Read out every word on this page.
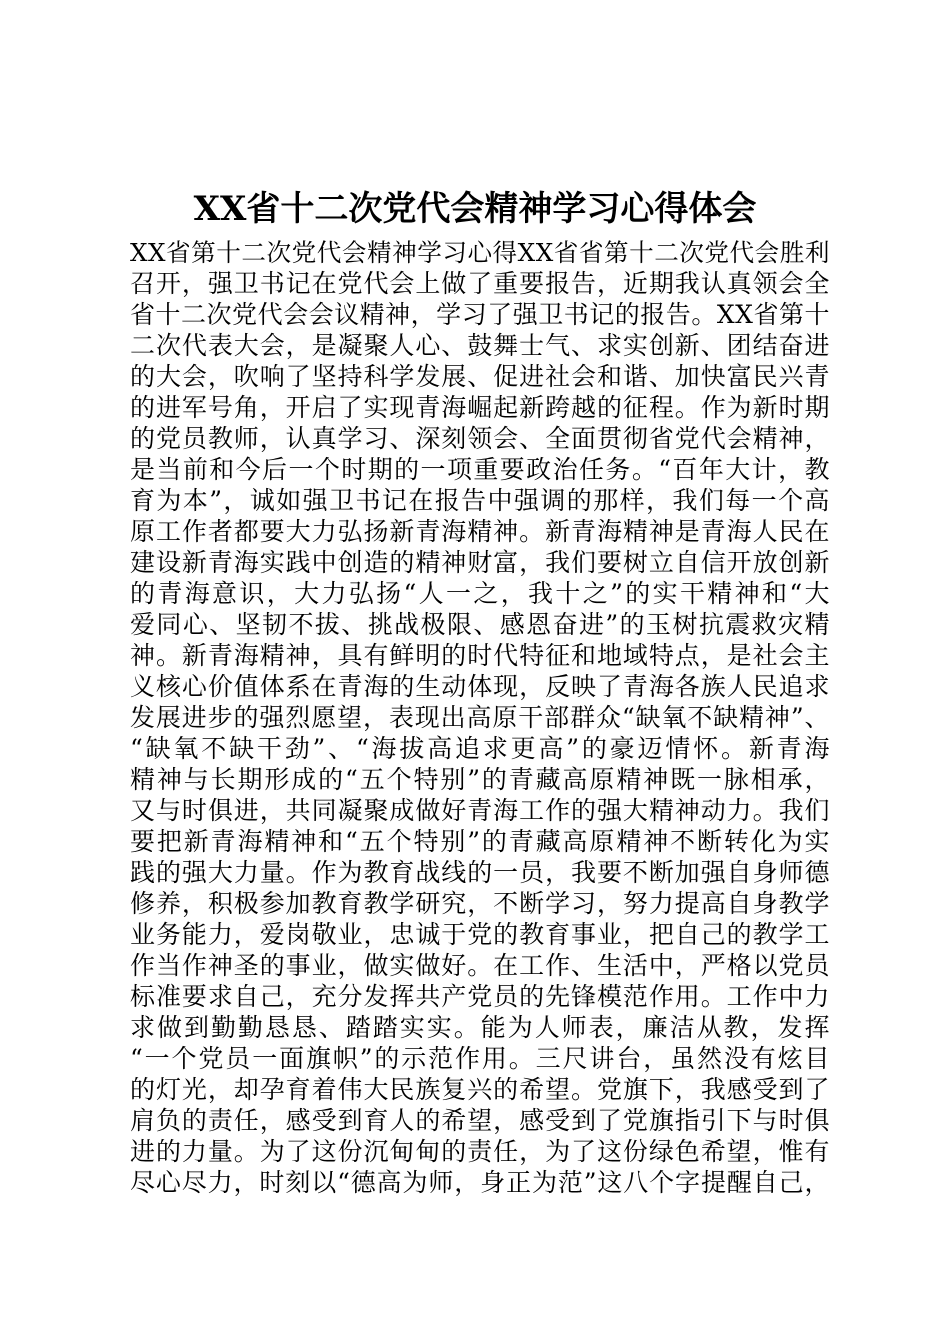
XX省十二次党代会精神学习心得体会
XX省第十二次党代会精神学习心得XX省省第十二次党代会胜利
召开，强卫书记在党代会上做了重要报告，近期我认真领会全
省十二次党代会会议精神，学习了强卫书记的报告。XX省第十
二次代表大会，是凝聚人心、鼓舞士气、求实创新、团结奋进
的大会，吹响了坚持科学发展、促进社会和谐、加快富民兴青
的进军号角，开启了实现青海崛起新跨越的征程。作为新时期
的党员教师，认真学习、深刻领会、全面贯彻省党代会精神，
是当前和今后一个时期的一项重要政治任务。“百年大计，教
育为本”，诚如强卫书记在报告中强调的那样，我们每一个高
原工作者都要大力弘扬新青海精神。新青海精神是青海人民在
建设新青海实践中创造的精神财富，我们要树立自信开放创新
的青海意识，大力弘扬“人一之，我十之”的实干精神和“大
爱同心、坚韧不拔、挑战极限、感恩奋进”的玉树抗震救灾精
神。新青海精神，具有鲜明的时代特征和地域特点，是社会主
义核心价值体系在青海的生动体现，反映了青海各族人民追求
发展进步的强烈愿望，表现出高原干部群众“缺氧不缺精神”、
“缺氧不缺干劲”、“海拔高追求更高”的豪迈情怀。新青海
精神与长期形成的“五个特别”的青藏高原精神既一脉相承，
又与时俱进，共同凝聚成做好青海工作的强大精神动力。我们
要把新青海精神和“五个特别”的青藏高原精神不断转化为实
践的强大力量。作为教育战线的一员，我要不断加强自身师德
修养，积极参加教育教学研究，不断学习，努力提高自身教学
业务能力，爱岗敬业，忠诚于党的教育事业，把自己的教学工
作当作神圣的事业，做实做好。在工作、生活中，严格以党员
标准要求自己，充分发挥共产党员的先锋模范作用。工作中力
求做到勤勤恳恳、踏踏实实。能为人师表，廉洁从教，发挥
“一个党员一面旗帜”的示范作用。三尺讲台，虽然没有炫目
的灯光，却孕育着伟大民族复兴的希望。党旗下，我感受到了
肩负的责任，感受到育人的希望，感受到了党旗指引下与时俱
进的力量。为了这份沉甸甸的责任，为了这份绿色希望，惟有
尽心尽力，时刻以“德高为师，身正为范”这八个字提醒自己，
